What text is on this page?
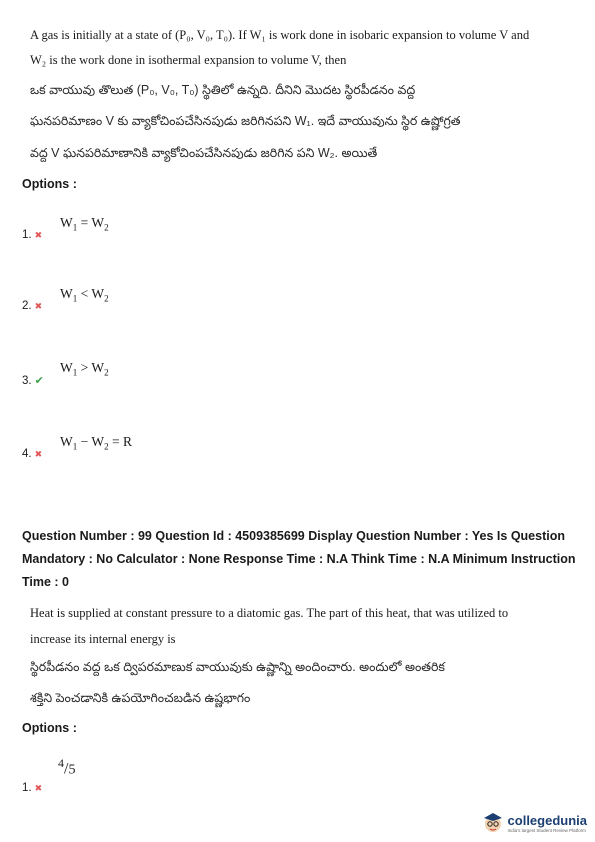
A gas is initially at a state of (P₀, V₀, T₀). If W₁ is work done in isobaric expansion to volume V and
W₂ is the work done in isothermal expansion to volume V, then
ఒక వాయువు తొలుత (P₀, V₀, T₀) స్థితిలో ఉన్నది. దీనిని మొదట స్థిరపీడనం వద్ద
ఘనపరిమాణం V కు వ్యాకోచింపచేసినపుడు జరిగినపని W₁. ఇదే వాయువును స్థిర ఉష్ణోగ్రత
వద్ద V ఘనపరిమాణానికి వ్యాకోచింపచేసినపుడు జరిగిన పని W₂. అయితే
Options :
$W_1 = W_2$
1. ✖
$W_1 < W_2$
2. ✖
$W_1 > W_2$
3. ✔
$W_1 - W_2 = R$
4. ✖
Question Number : 99 Question Id : 4509385699 Display Question Number : Yes Is Question
Mandatory : No Calculator : None Response Time : N.A Think Time : N.A Minimum Instruction
Time : 0
Heat is supplied at constant pressure to a diatomic gas. The part of this heat, that was utilized to
increase its internal energy is
స్థిరపీడనం వద్ద ఒక ద్విపరమాణుక వాయువుకు ఉష్ణాన్ని అందించారు. అందులో అంతరిక
శక్తిని పెంచడానికి ఉపయోగించబడిన ఉష్ణభాగం
Options :
$^4$/5
1. ✖
collegedunia
India's largest Student Review Platform
